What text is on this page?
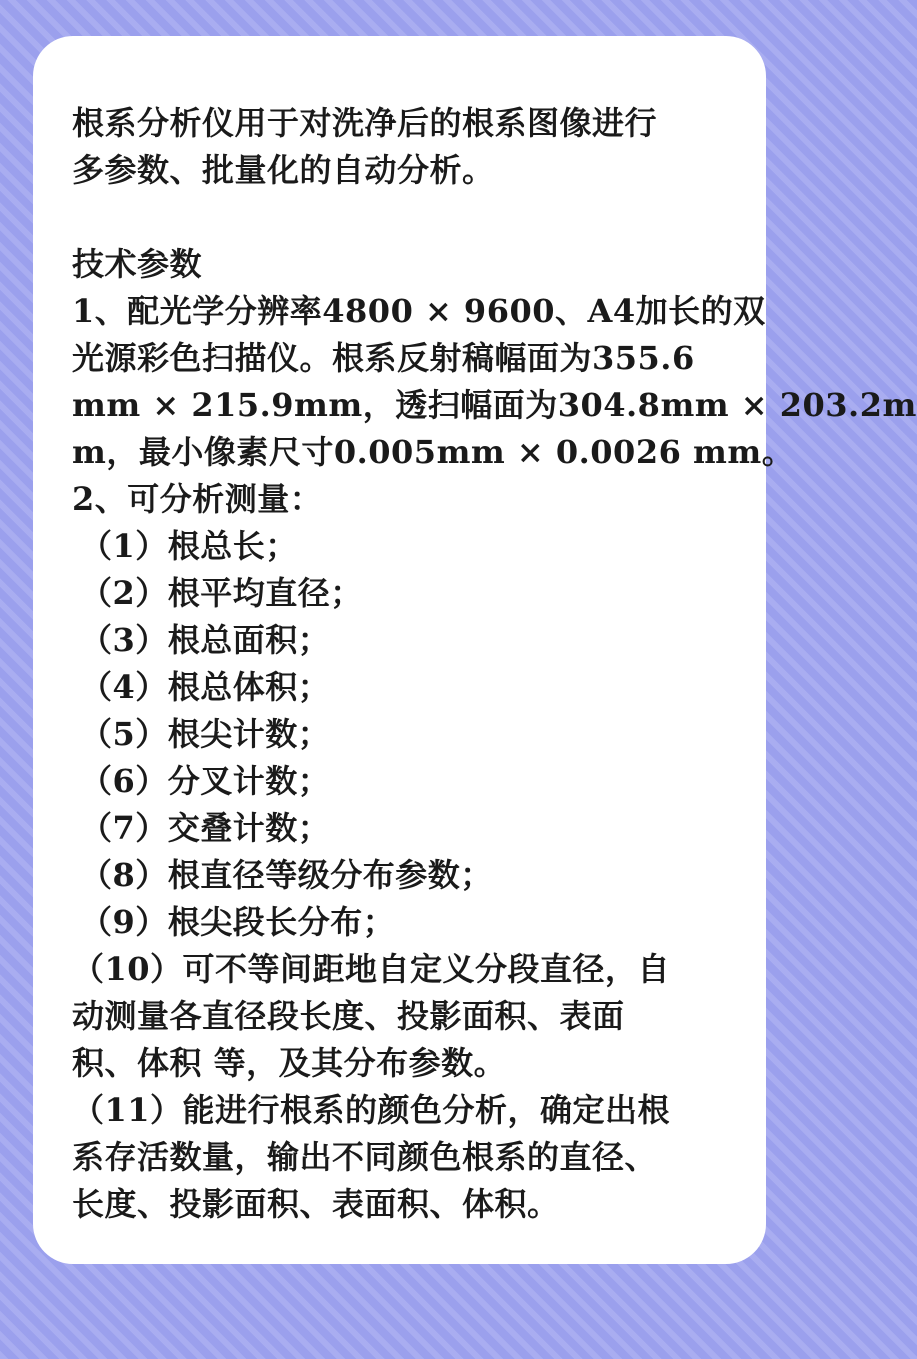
根系分析仪用于对洗净后的根系图像进行

多参数、批量化的自动分析。

技术参数

1、配光学分辨率4800 × 9600、A4加长的双

光源彩色扫描仪。根系反射稿幅面为355.6

mm × 215.9mm，透扫幅面为304.8mm × 203.2m

m，最小像素尺寸0.005mm × 0.0026 mm。

2、可分析测量：

（1）根总长；

（2）根平均直径；

（3）根总面积；

（4）根总体积；

（5）根尖计数；

（6）分叉计数；

（7）交叠计数；

（8）根直径等级分布参数；

（9）根尖段长分布；

（10）可不等间距地自定义分段直径，自

动测量各直径段长度、投影面积、表面

积、体积 等，及其分布参数。

（11）能进行根系的颜色分析，确定出根

系存活数量，输出不同颜色根系的直径、

长度、投影面积、表面积、体积。
